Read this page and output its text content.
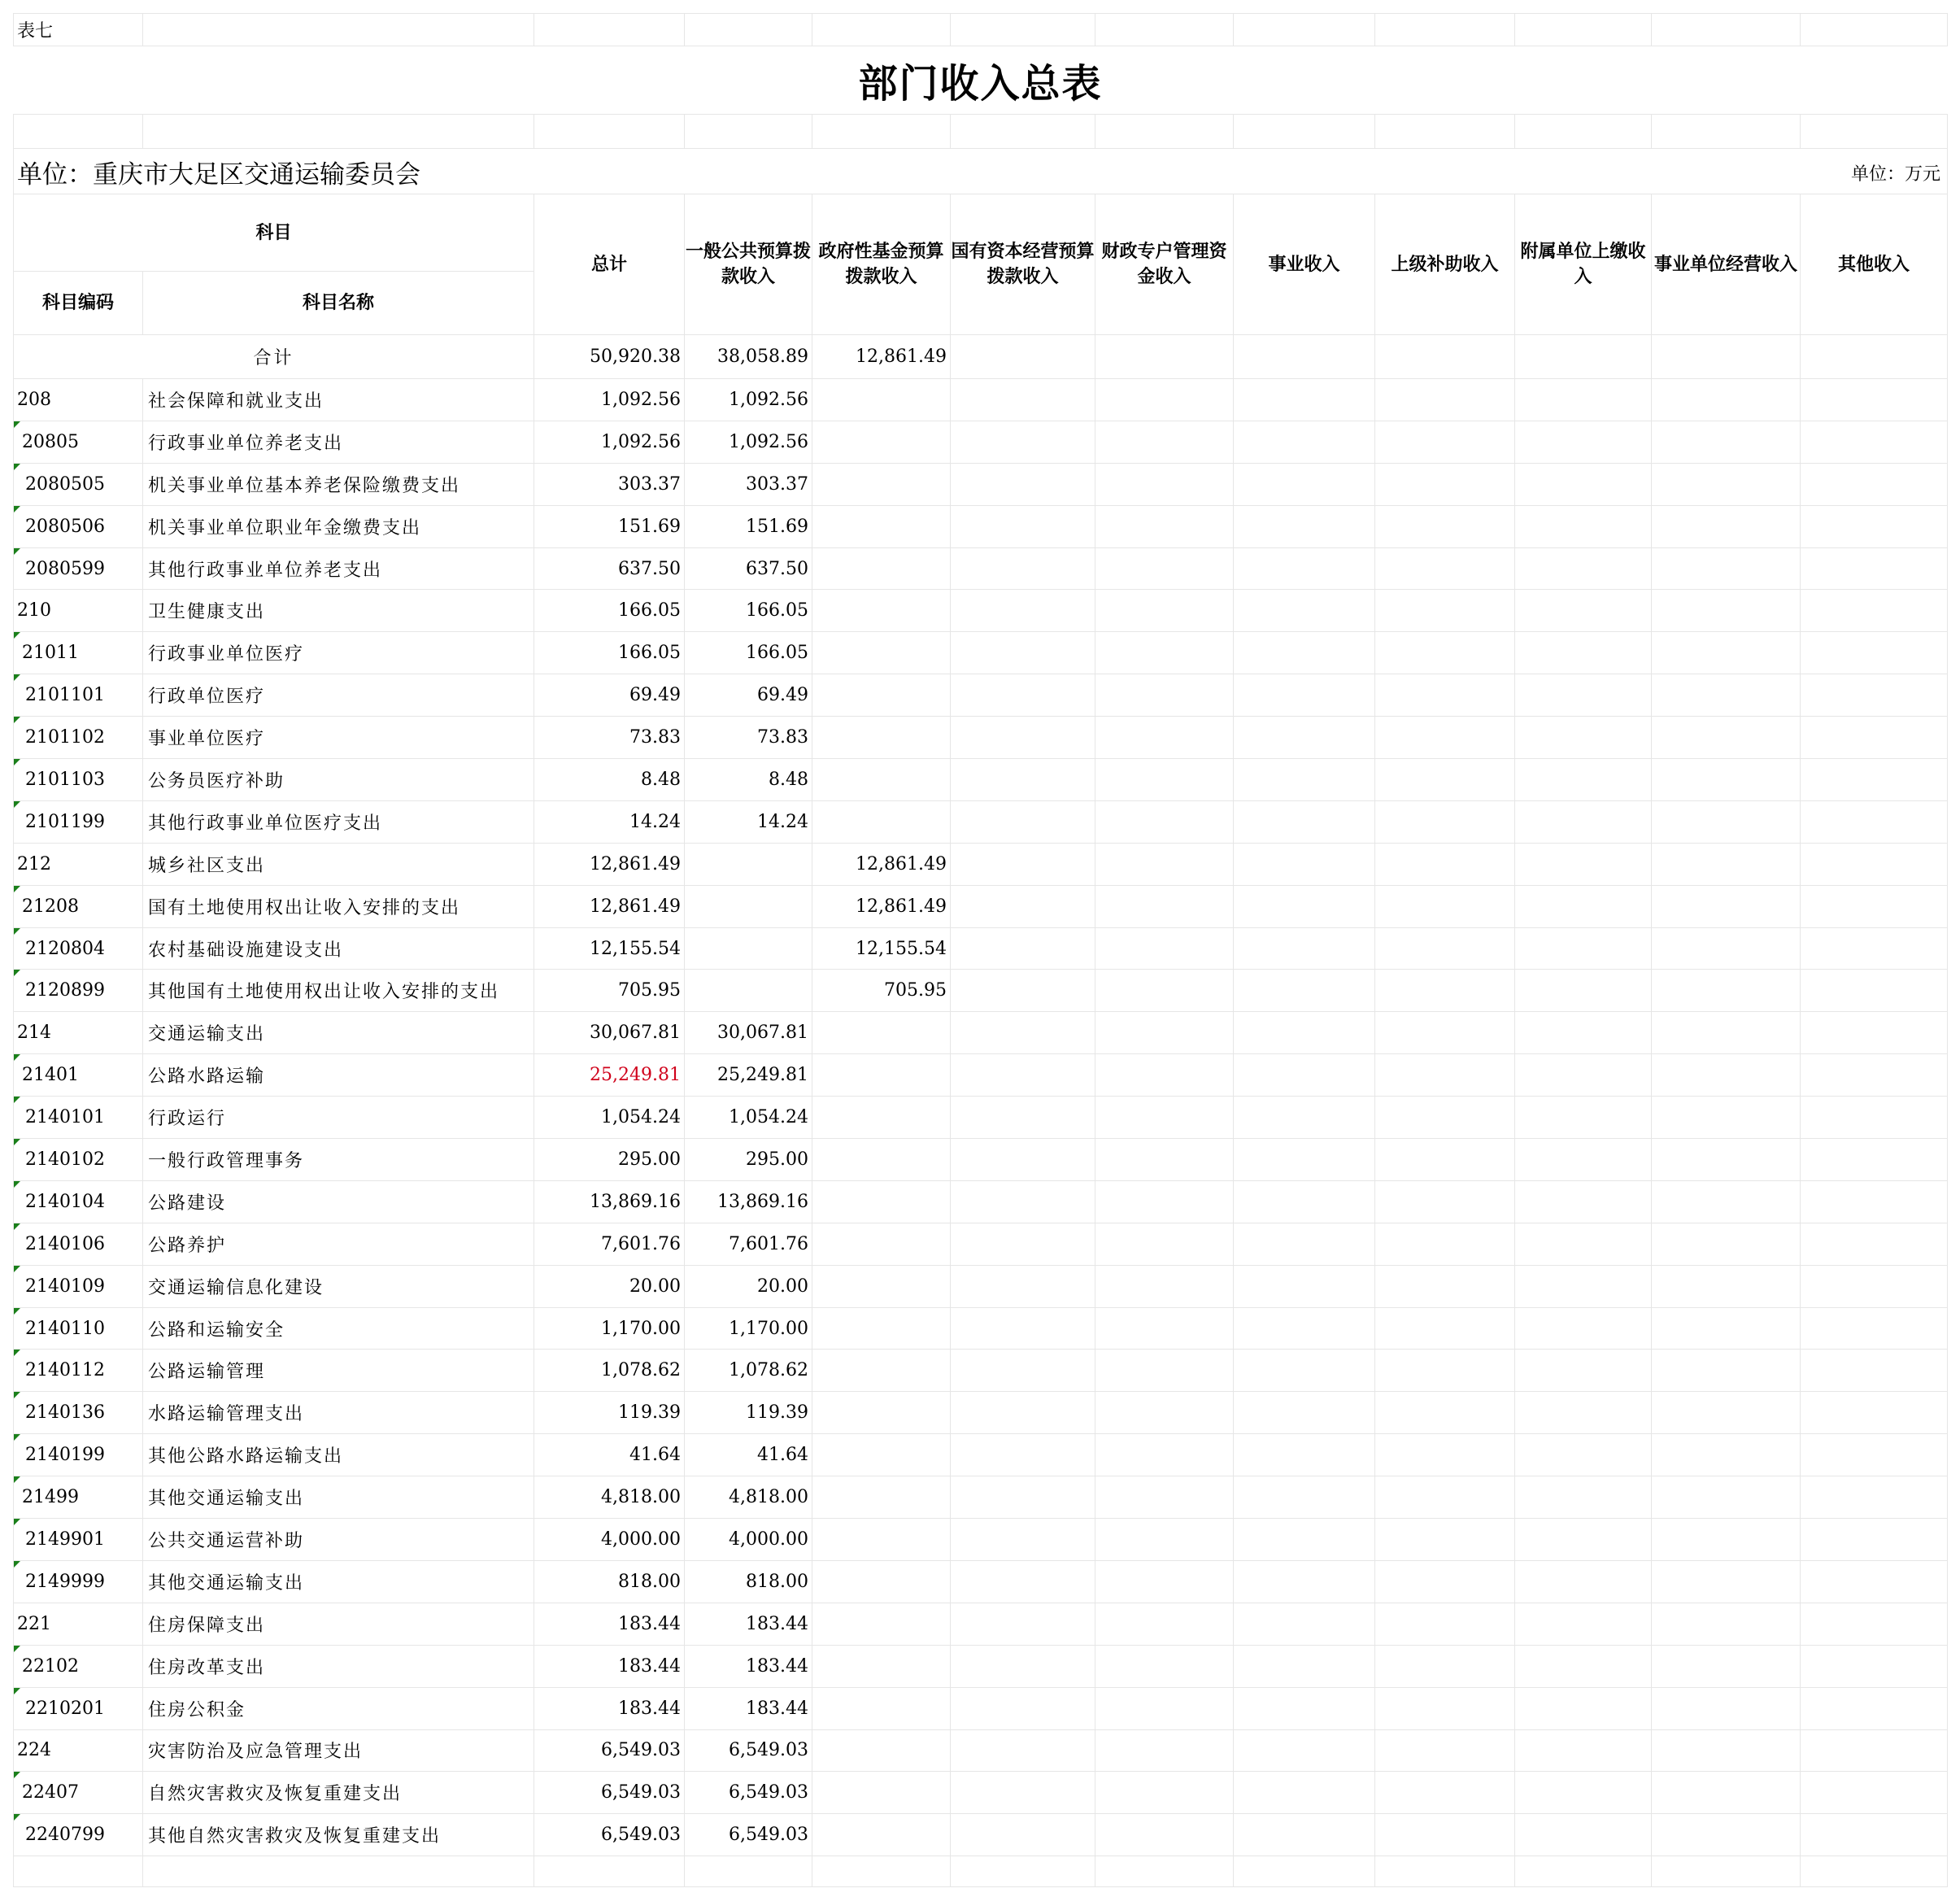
表七											
部门收入总表											

单位：重庆市大足区交通运输委员会											单位：万元
科目		总计	一般公共预算拨款收入	政府性基金预算拨款收入	国有资本经营预算拨款收入	财政专户管理资金收入	事业收入	上级补助收入	附属单位上缴收入	事业单位经营收入	其他收入
科目编码	科目名称										
合计		50,920.38	38,058.89	12,861.49							

208	社会保障和就业支出	1,092.56	1,092.56								

20805	行政事业单位养老支出	1,092.56	1,092.56								

2080505	机关事业单位基本养老保险缴费支出	303.37	303.37								

2080506	机关事业单位职业年金缴费支出	151.69	151.69								

2080599	其他行政事业单位养老支出	637.50	637.50								

210	卫生健康支出	166.05	166.05								

21011	行政事业单位医疗	166.05	166.05								

2101101	行政单位医疗	69.49	69.49								

2101102	事业单位医疗	73.83	73.83								

2101103	公务员医疗补助	8.48	8.48								

2101199	其他行政事业单位医疗支出	14.24	14.24								

212	城乡社区支出	12,861.49		12,861.49							

21208	国有土地使用权出让收入安排的支出	12,861.49		12,861.49							

2120804	农村基础设施建设支出	12,155.54		12,155.54							

2120899	其他国有土地使用权出让收入安排的支出	705.95		705.95							

214	交通运输支出	30,067.81	30,067.81								

21401	公路水路运输	25,249.81	25,249.81								

2140101	行政运行	1,054.24	1,054.24								

2140102	一般行政管理事务	295.00	295.00								

2140104	公路建设	13,869.16	13,869.16								

2140106	公路养护	7,601.76	7,601.76								

2140109	交通运输信息化建设	20.00	20.00								

2140110	公路和运输安全	1,170.00	1,170.00								

2140112	公路运输管理	1,078.62	1,078.62								

2140136	水路运输管理支出	119.39	119.39								

2140199	其他公路水路运输支出	41.64	41.64								

21499	其他交通运输支出	4,818.00	4,818.00								

2149901	公共交通运营补助	4,000.00	4,000.00								

2149999	其他交通运输支出	818.00	818.00								

221	住房保障支出	183.44	183.44								

22102	住房改革支出	183.44	183.44								

2210201	住房公积金	183.44	183.44								

224	灾害防治及应急管理支出	6,549.03	6,549.03								

22407	自然灾害救灾及恢复重建支出	6,549.03	6,549.03								

2240799	其他自然灾害救灾及恢复重建支出	6,549.03	6,549.03								
